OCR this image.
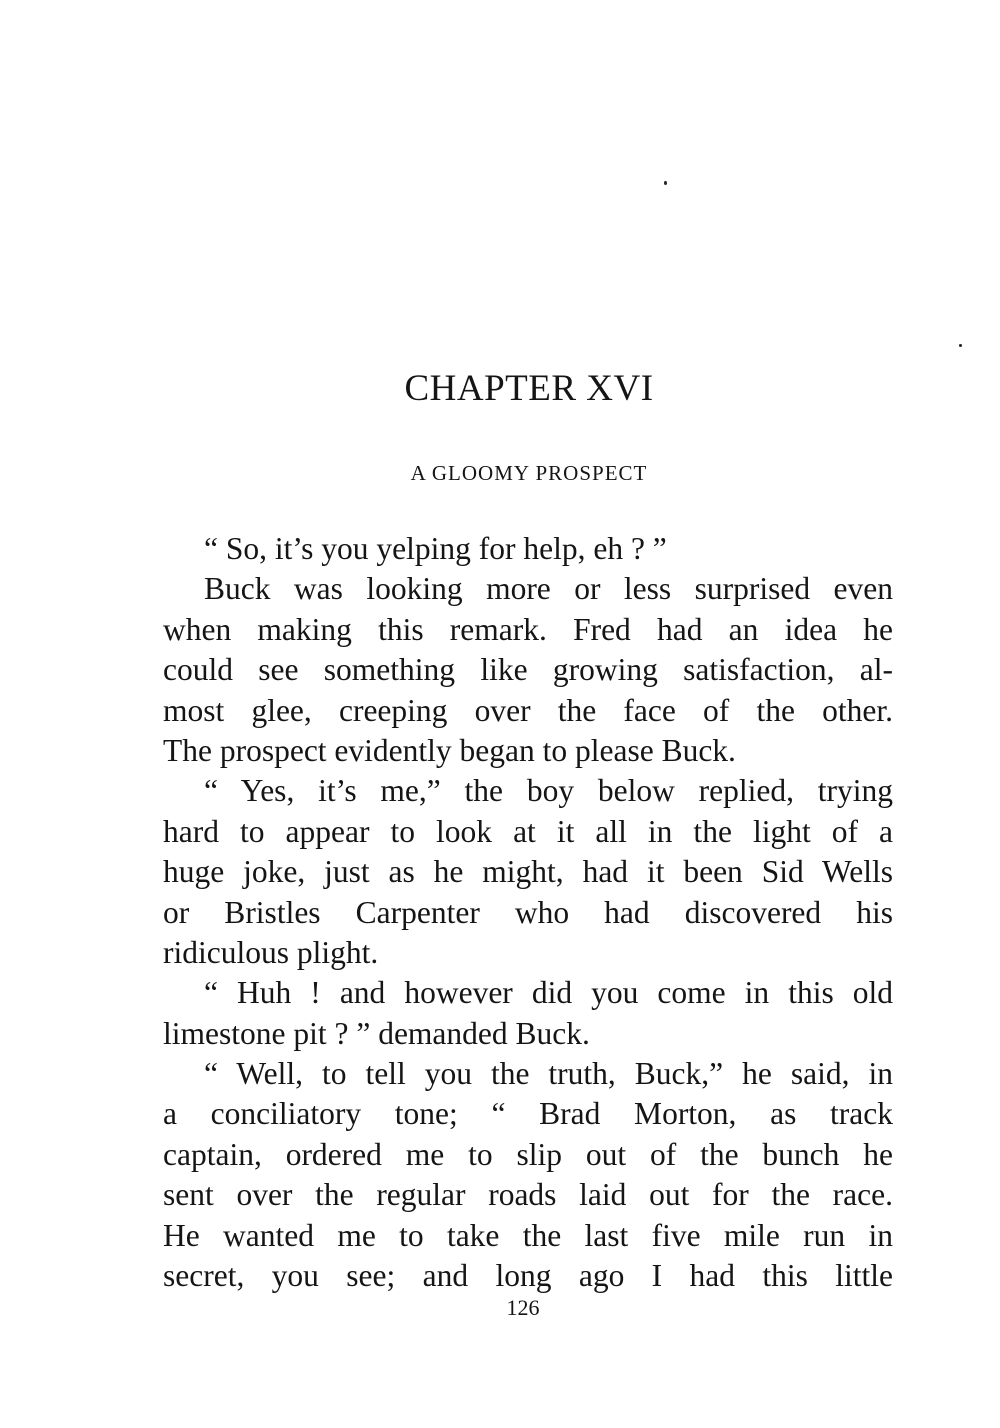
CHAPTER XVI
A GLOOMY PROSPECT
“ So, it’s you yelping for help, eh ? ”
Buck was looking more or less surprised even
when making this remark. Fred had an idea he
could see something like growing satisfaction, al-
most glee, creeping over the face of the other.
The prospect evidently began to please Buck.
“ Yes, it’s me,” the boy below replied, trying
hard to appear to look at it all in the light of a
huge joke, just as he might, had it been Sid Wells
or Bristles Carpenter who had discovered his
ridiculous plight.
“ Huh ! and however did you come in this old
limestone pit ? ” demanded Buck.
“ Well, to tell you the truth, Buck,” he said, in
a conciliatory tone; “ Brad Morton, as track
captain, ordered me to slip out of the bunch he
sent over the regular roads laid out for the race.
He wanted me to take the last five mile run in
secret, you see; and long ago I had this little
126
